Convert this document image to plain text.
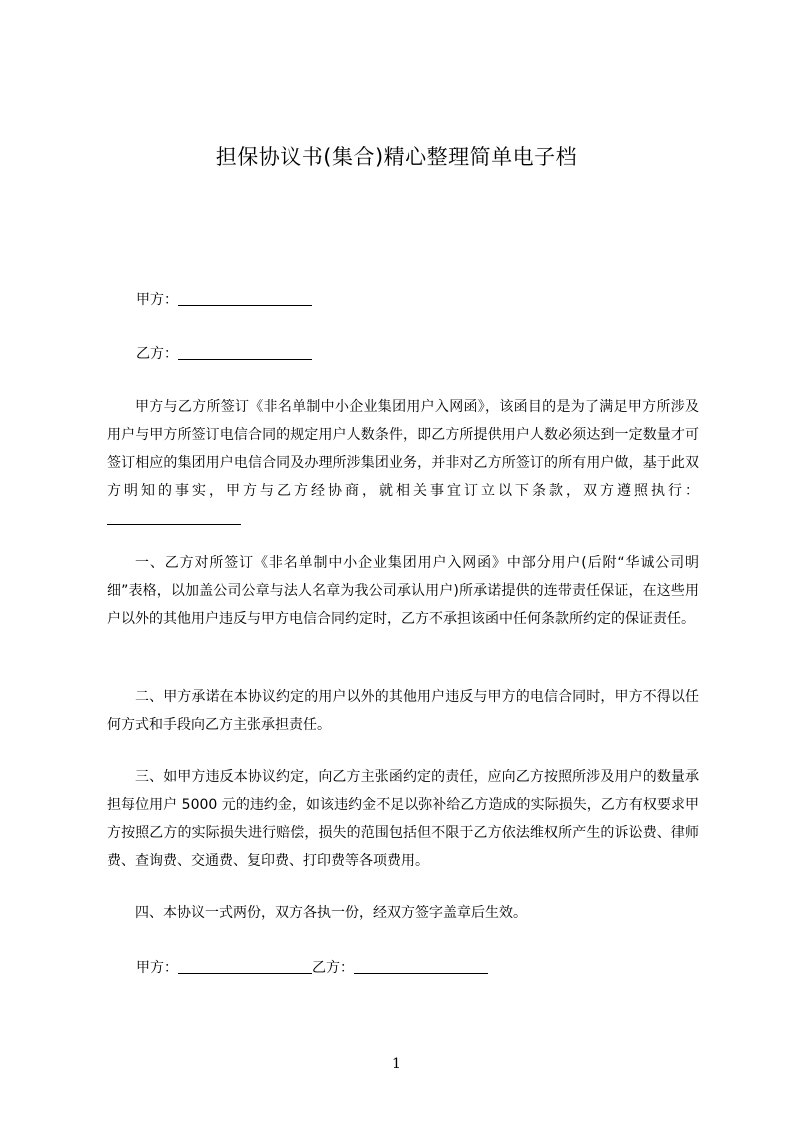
担保协议书(集合)精心整理简单电子档
甲方：
乙方：

甲方与乙方所签订《非名单制中小企业集团用户入网函》，该函目的是为了满足甲方所涉及用户与甲方所签订电信合同的规定用户人数条件，即乙方所提供用户人数必须达到一定数量才可签订相应的集团用户电信合同及办理所涉集团业务，并非对乙方所签订的所有用户做，基于此双方明知的事实，甲方与乙方经协商，就相关事宜订立以下条款，双方遵照执行：

一、乙方对所签订《非名单制中小企业集团用户入网函》中部分用户(后附“华诚公司明细”表格，以加盖公司公章与法人名章为我公司承认用户)所承诺提供的连带责任保证，在这些用户以外的其他用户违反与甲方电信合同约定时，乙方不承担该函中任何条款所约定的保证责任。

二、甲方承诺在本协议约定的用户以外的其他用户违反与甲方的电信合同时，甲方不得以任何方式和手段向乙方主张承担责任。

三、如甲方违反本协议约定，向乙方主张函约定的责任，应向乙方按照所涉及用户的数量承担每位用户 5000 元的违约金，如该违约金不足以弥补给乙方造成的实际损失，乙方有权要求甲方按照乙方的实际损失进行赔偿，损失的范围包括但不限于乙方依法维权所产生的诉讼费、律师费、查询费、交通费、复印费、打印费等各项费用。

四、本协议一式两份，双方各执一份，经双方签字盖章后生效。

甲方：	乙方：
1
